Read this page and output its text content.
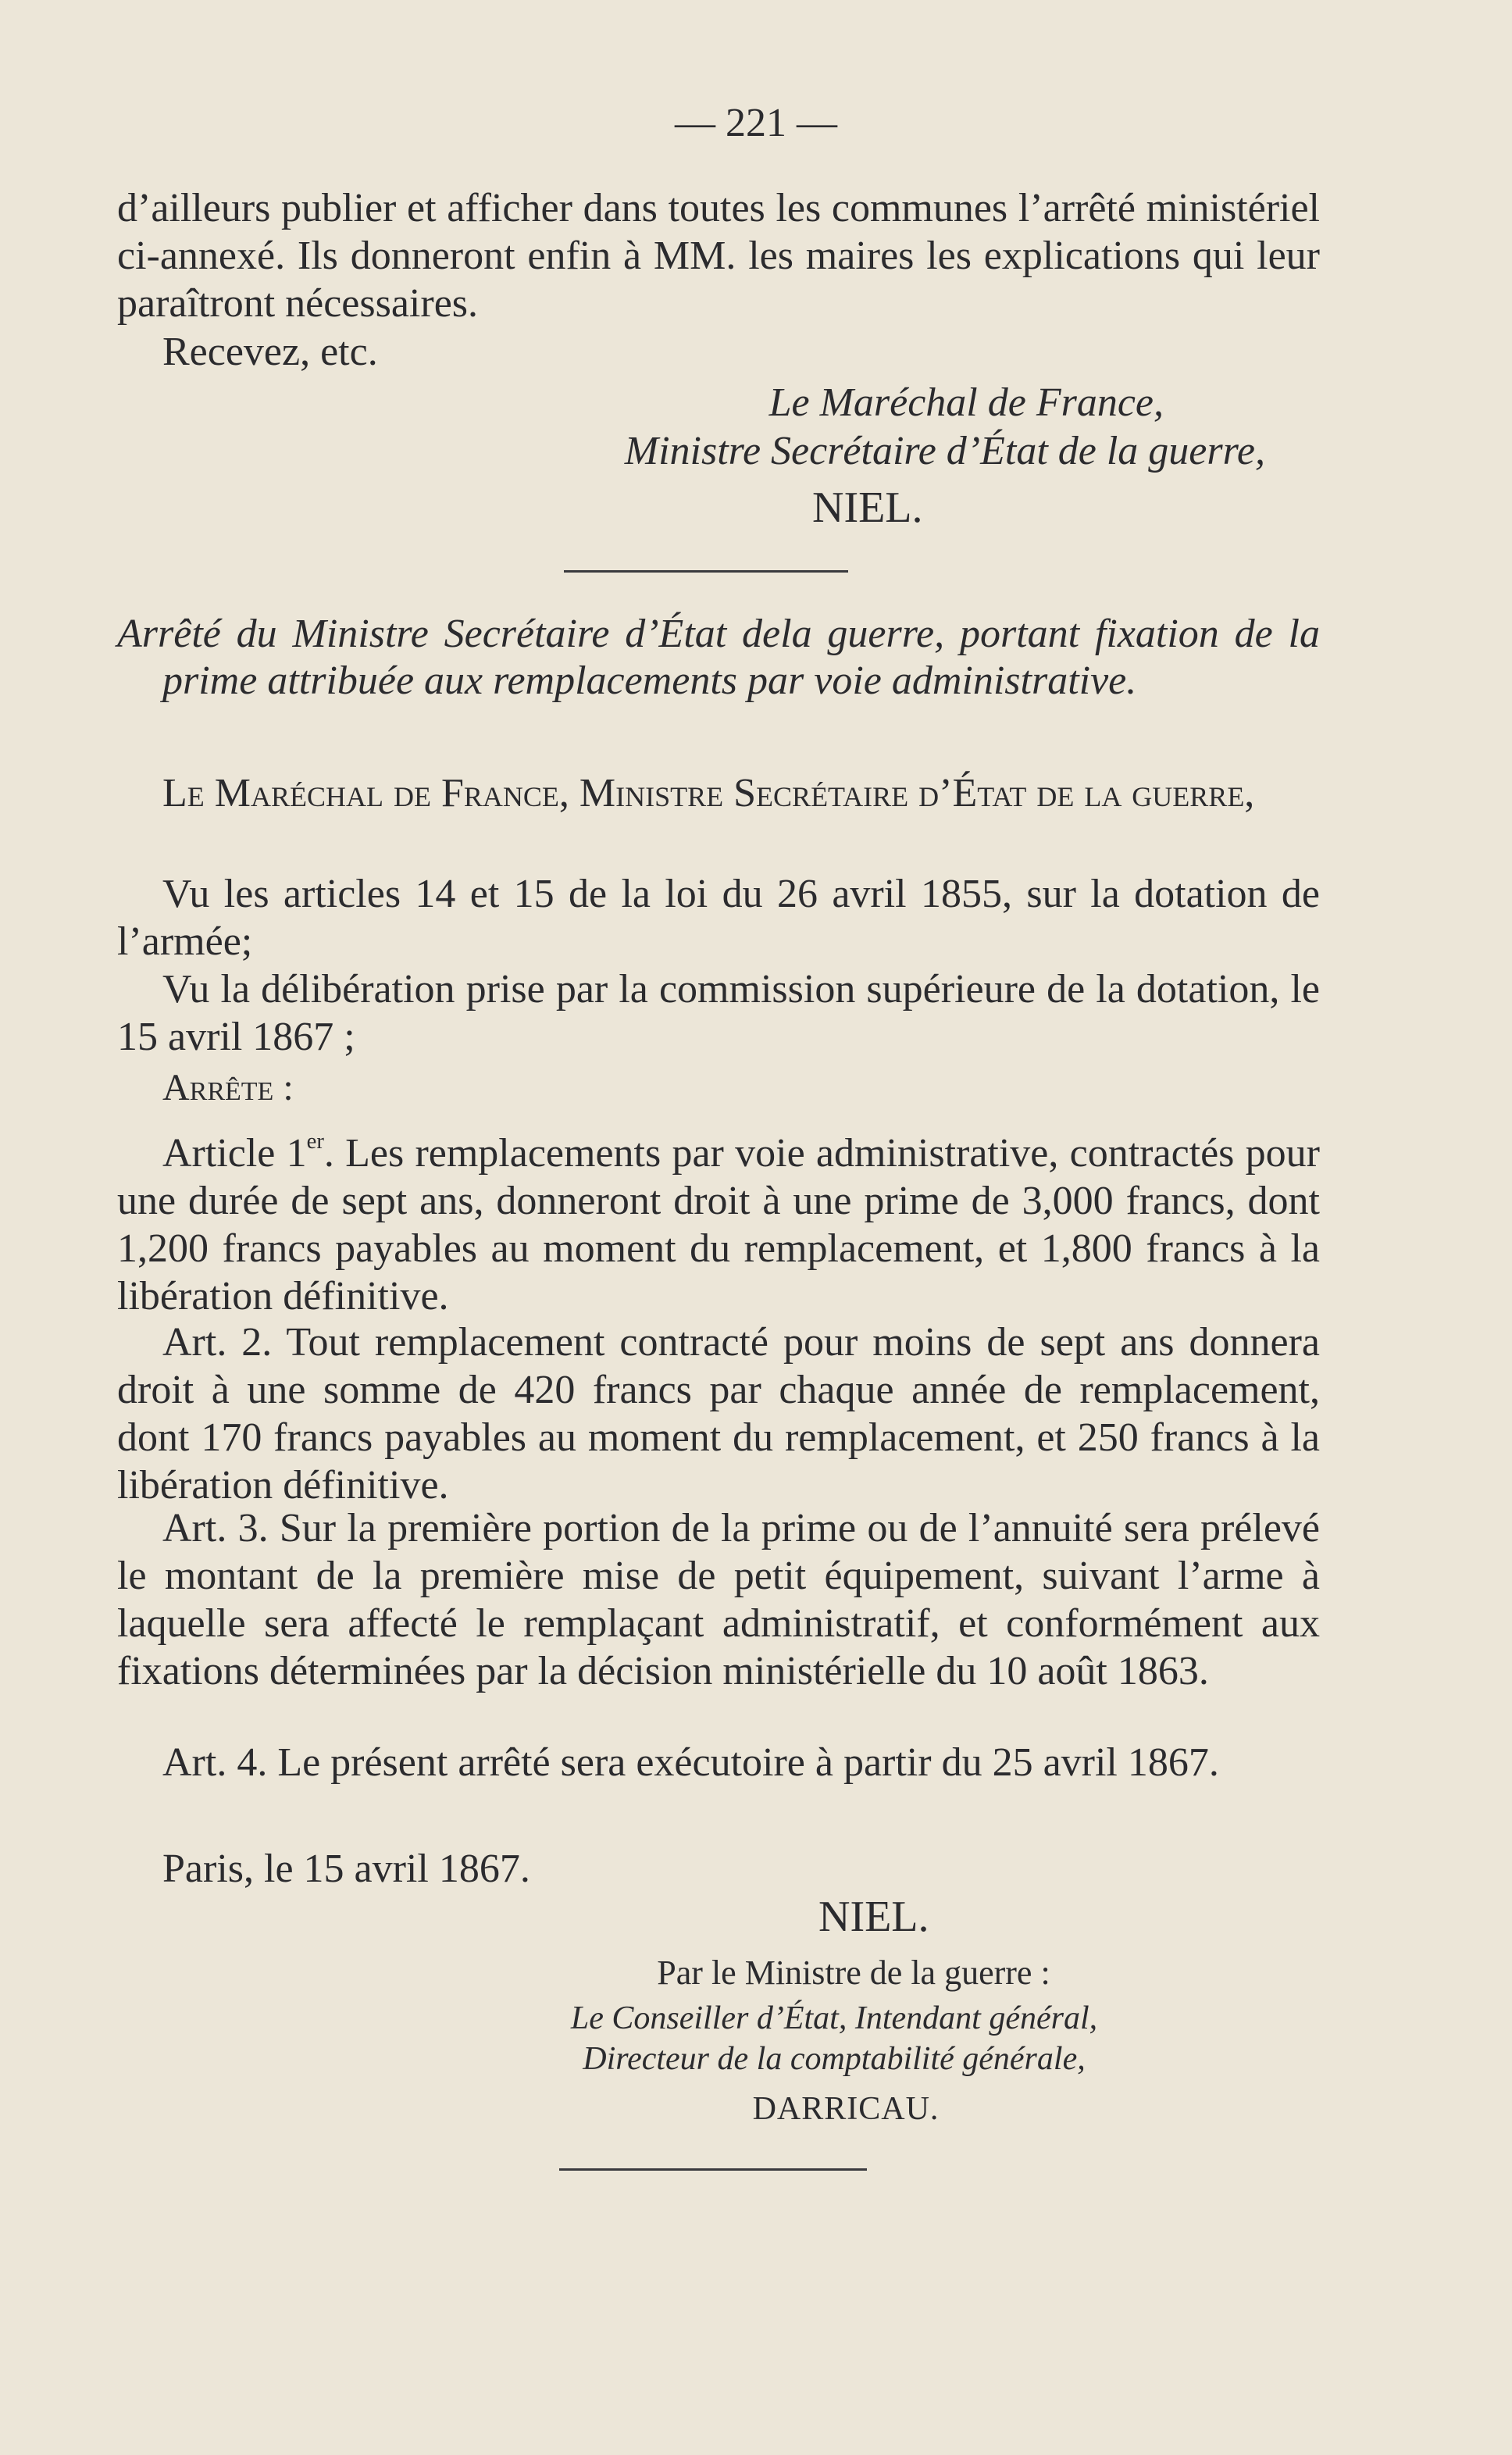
— 221 —

d’ailleurs publier et afficher dans toutes les communes l’arrêté ministériel ci-annexé. Ils donneront enfin à MM. les maires les explications qui leur paraîtront nécessaires.

Recevez, etc.

Le Maréchal de France,
Ministre Secrétaire d’État de la guerre,
NIEL.

Arrêté du Ministre Secrétaire d’État dela guerre, portant fixation de la prime attribuée aux remplacements par voie administrative.

Le Maréchal de France, Ministre Secrétaire d’État de la guerre,

Vu les articles 14 et 15 de la loi du 26 avril 1855, sur la dotation de l’armée;

Vu la délibération prise par la commission supérieure de la dotation, le 15 avril 1867 ;

Arrête :

Article 1er. Les remplacements par voie administrative, contractés pour une durée de sept ans, donneront droit à une prime de 3,000 francs, dont 1,200 francs payables au moment du remplacement, et 1,800 francs à la libération définitive.

Art. 2. Tout remplacement contracté pour moins de sept ans donnera droit à une somme de 420 francs par chaque année de remplacement, dont 170 francs payables au moment du remplacement, et 250 francs à la libération définitive.

Art. 3. Sur la première portion de la prime ou de l’annuité sera prélevé le montant de la première mise de petit équipement, suivant l’arme à laquelle sera affecté le remplaçant administratif, et conformément aux fixations déterminées par la décision ministérielle du 10 août 1863.

Art. 4. Le présent arrêté sera exécutoire à partir du 25 avril 1867.

Paris, le 15 avril 1867.

NIEL.
Par le Ministre de la guerre :
Le Conseiller d’État, Intendant général,
Directeur de la comptabilité générale,
DARRICAU.
